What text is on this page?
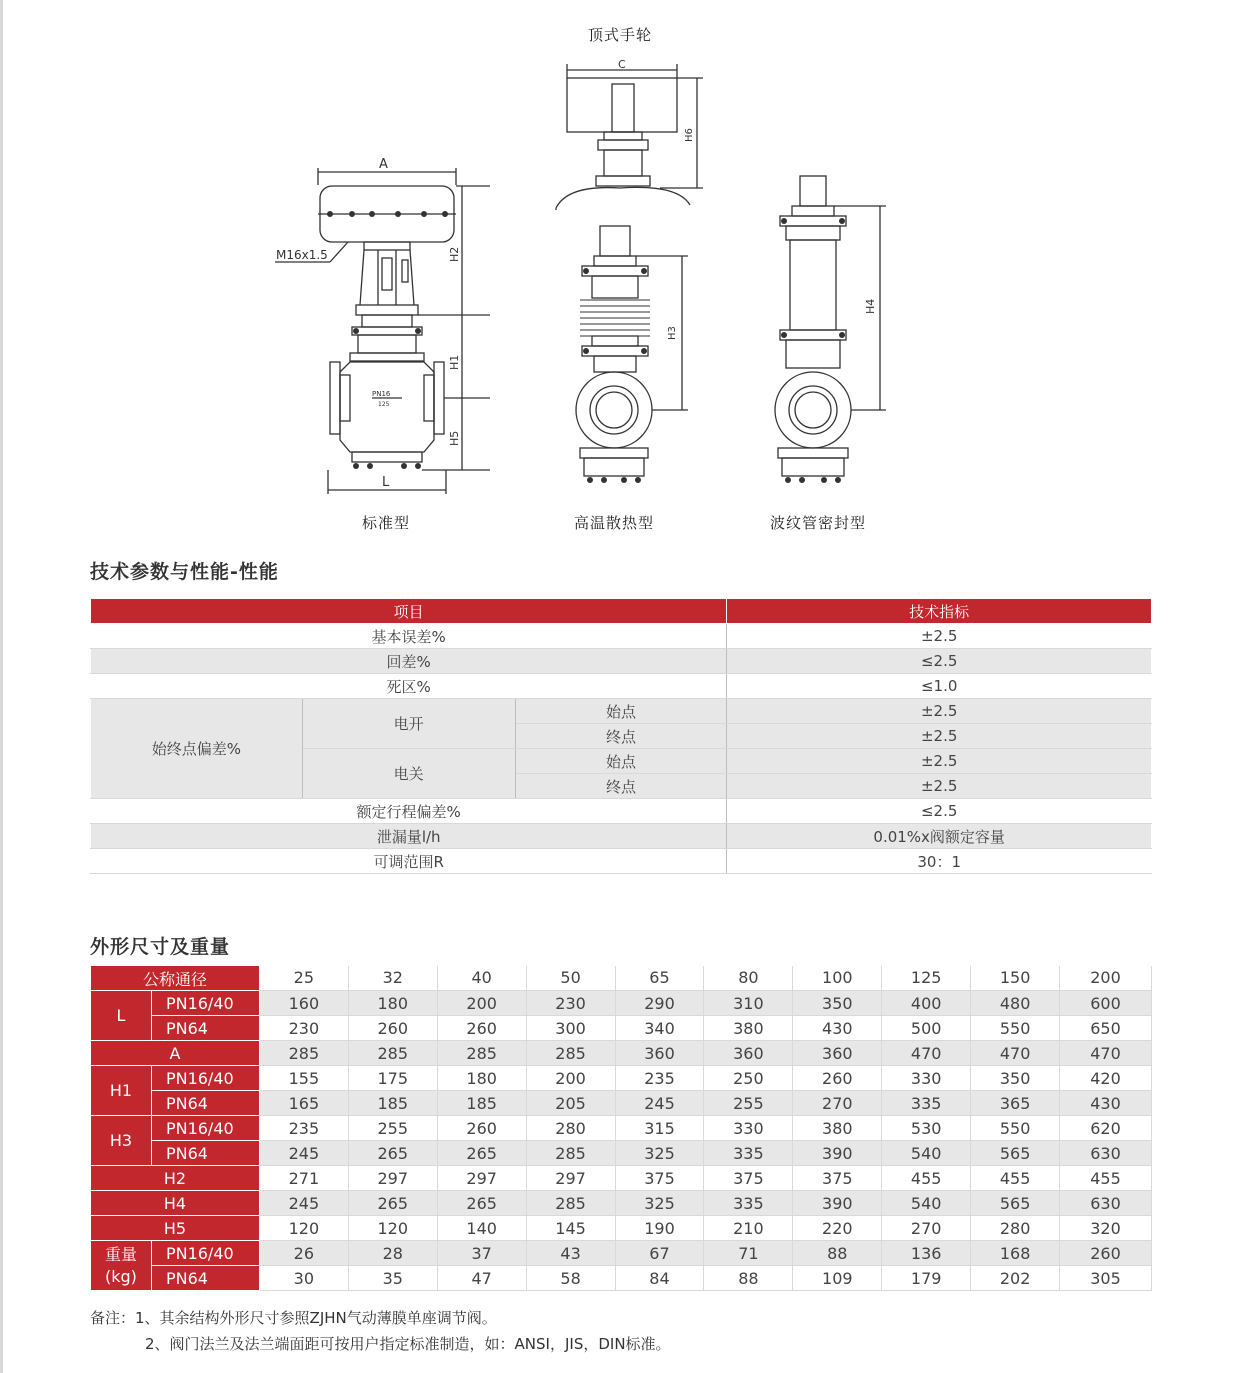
A
L
M16x1.5
PN16
125
C
H2
H1
H5
H6
H3
H4
顶式手轮
标准型	高温散热型	波纹管密封型
技术参数与性能-性能
项目			技术指标
基本误差%			±2.5
回差%			≤2.5
死区%			≤1.0
始终点偏差%	电开	始点	±2.5
		终点	±2.5
	电关	始点	±2.5
		终点	±2.5
额定行程偏差%			≤2.5
泄漏量l/h			0.01%x阀额定容量
可调范围R			30：1
外形尺寸及重量
公称通径		25	32	40	50	65	80	100	125	150	200
L	PN16/40	160	180	200	230	290	310	350	400	480	600
	PN64	230	260	260	300	340	380	430	500	550	650
A		285	285	285	285	360	360	360	470	470	470
H1	PN16/40	155	175	180	200	235	250	260	330	350	420
	PN64	165	185	185	205	245	255	270	335	365	430
H3	PN16/40	235	255	260	280	315	330	380	530	550	620
	PN64	245	265	265	285	325	335	390	540	565	630
H2		271	297	297	297	375	375	375	455	455	455
H4		245	265	265	285	325	335	390	540	565	630
H5		120	120	140	145	190	210	220	270	280	320

重量
(kg)	PN16/40	26	28	37	43	67	71	88	136	168	260
	PN64	30	35	47	58	84	88	109	179	202	305
备注：1、其余结构外形尺寸参照ZJHN气动薄膜单座调节阀。
2、阀门法兰及法兰端面距可按用户指定标准制造，如：ANSI，JIS，DIN标准。
